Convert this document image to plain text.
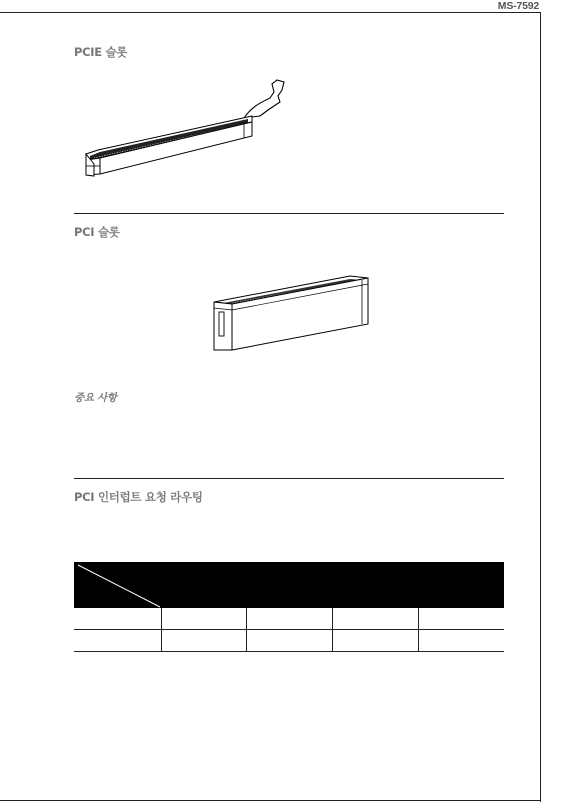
MS-7592
PCIE 슬롯
PCI 슬롯
중요 사항
PCI 인터럽트 요청 라우팅
